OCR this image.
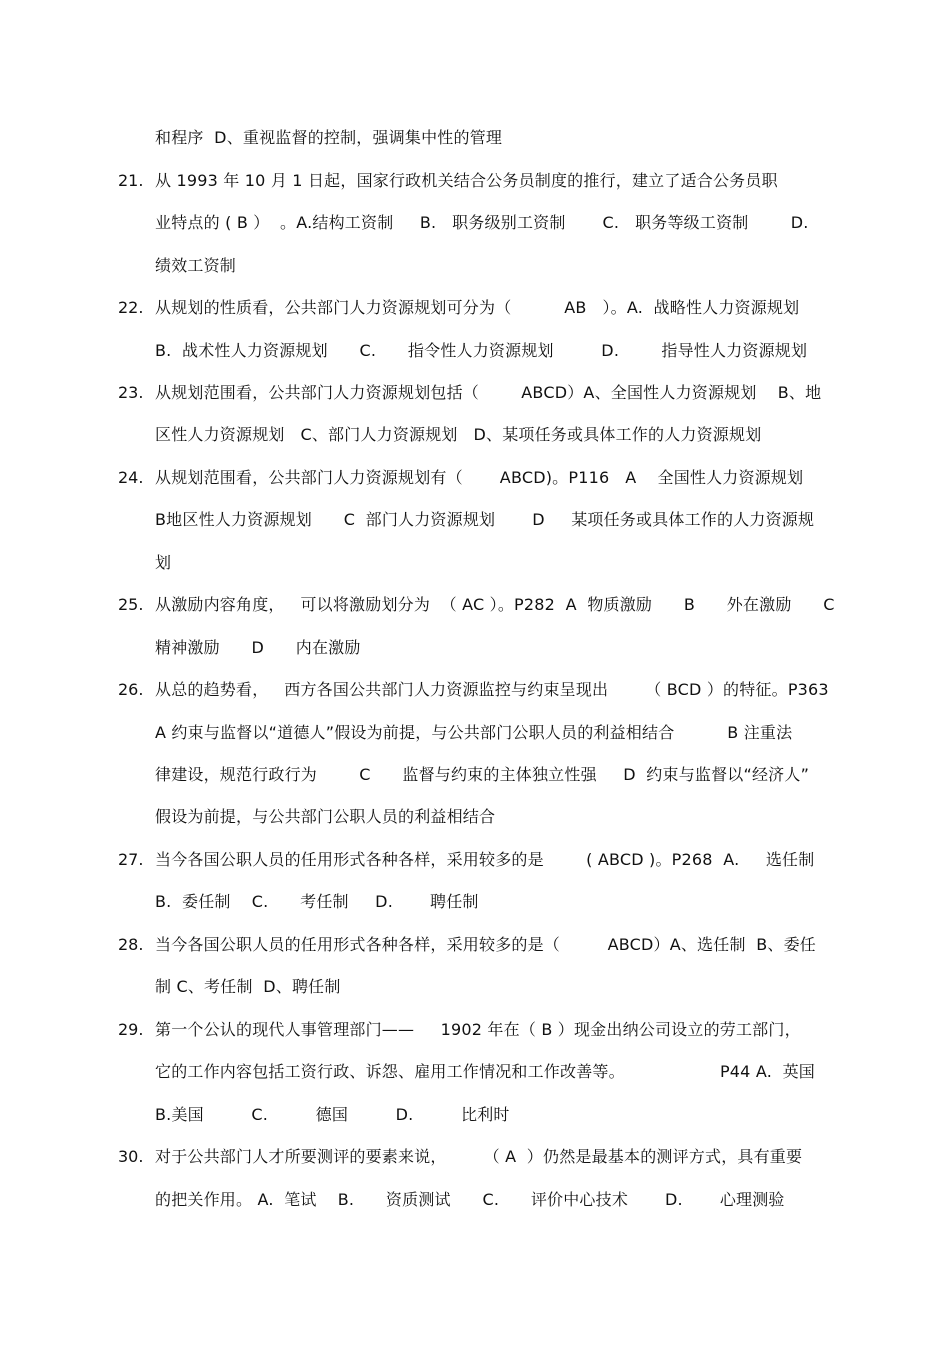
和程序  D、重视监督的控制，强调集中性的管理
21. 从 1993 年 10 月 1 日起，国家行政机关结合公务员制度的推行，建立了适合公务员职
业特点的 ( B ）  。A.结构工资制     B.   职务级别工资制       C.   职务等级工资制        D.
绩效工资制
22. 从规划的性质看，公共部门人力资源规划可分为（          AB   ）。A.  战略性人力资源规划
B.  战术性人力资源规划      C.      指令性人力资源规划         D.        指导性人力资源规划
23. 从规划范围看，公共部门人力资源规划包括（        ABCD）A、全国性人力资源规划    B、地
区性人力资源规划   C、部门人力资源规划   D、某项任务或具体工作的人力资源规划
24. 从规划范围看，公共部门人力资源规划有（       ABCD)。P116   A    全国性人力资源规划
B地区性人力资源规划      C  部门人力资源规划       D     某项任务或具体工作的人力资源规
划
25. 从激励内容角度，   可以将激励划分为  （ AC ）。P282  A  物质激励      B      外在激励      C
精神激励      D      内在激励
26. 从总的趋势看，   西方各国公共部门人力资源监控与约束呈现出       （ BCD ）的特征。P363
A 约束与监督以“道德人”假设为前提，与公共部门公职人员的利益相结合          B 注重法
律建设，规范行政行为        C      监督与约束的主体独立性强     D  约束与监督以“经济人”
假设为前提，与公共部门公职人员的利益相结合
27. 当今各国公职人员的任用形式各种各样，采用较多的是        ( ABCD )。P268  A.     选任制
B.  委任制    C.      考任制     D.       聘任制
28. 当今各国公职人员的任用形式各种各样，采用较多的是（         ABCD）A、选任制  B、委任
制 C、考任制  D、聘任制
29. 第一个公认的现代人事管理部门——     1902 年在（ B ）现金出纳公司设立的劳工部门，
它的工作内容包括工资行政、诉怨、雇用工作情况和工作改善等。                  P44 A.  英国
B.美国         C.         德国         D.         比利时
30. 对于公共部门人才所要测评的要素来说，       （ A  ）仍然是最基本的测评方式，具有重要
的把关作用。 A.  笔试    B.      资质测试      C.      评价中心技术       D.       心理测验
